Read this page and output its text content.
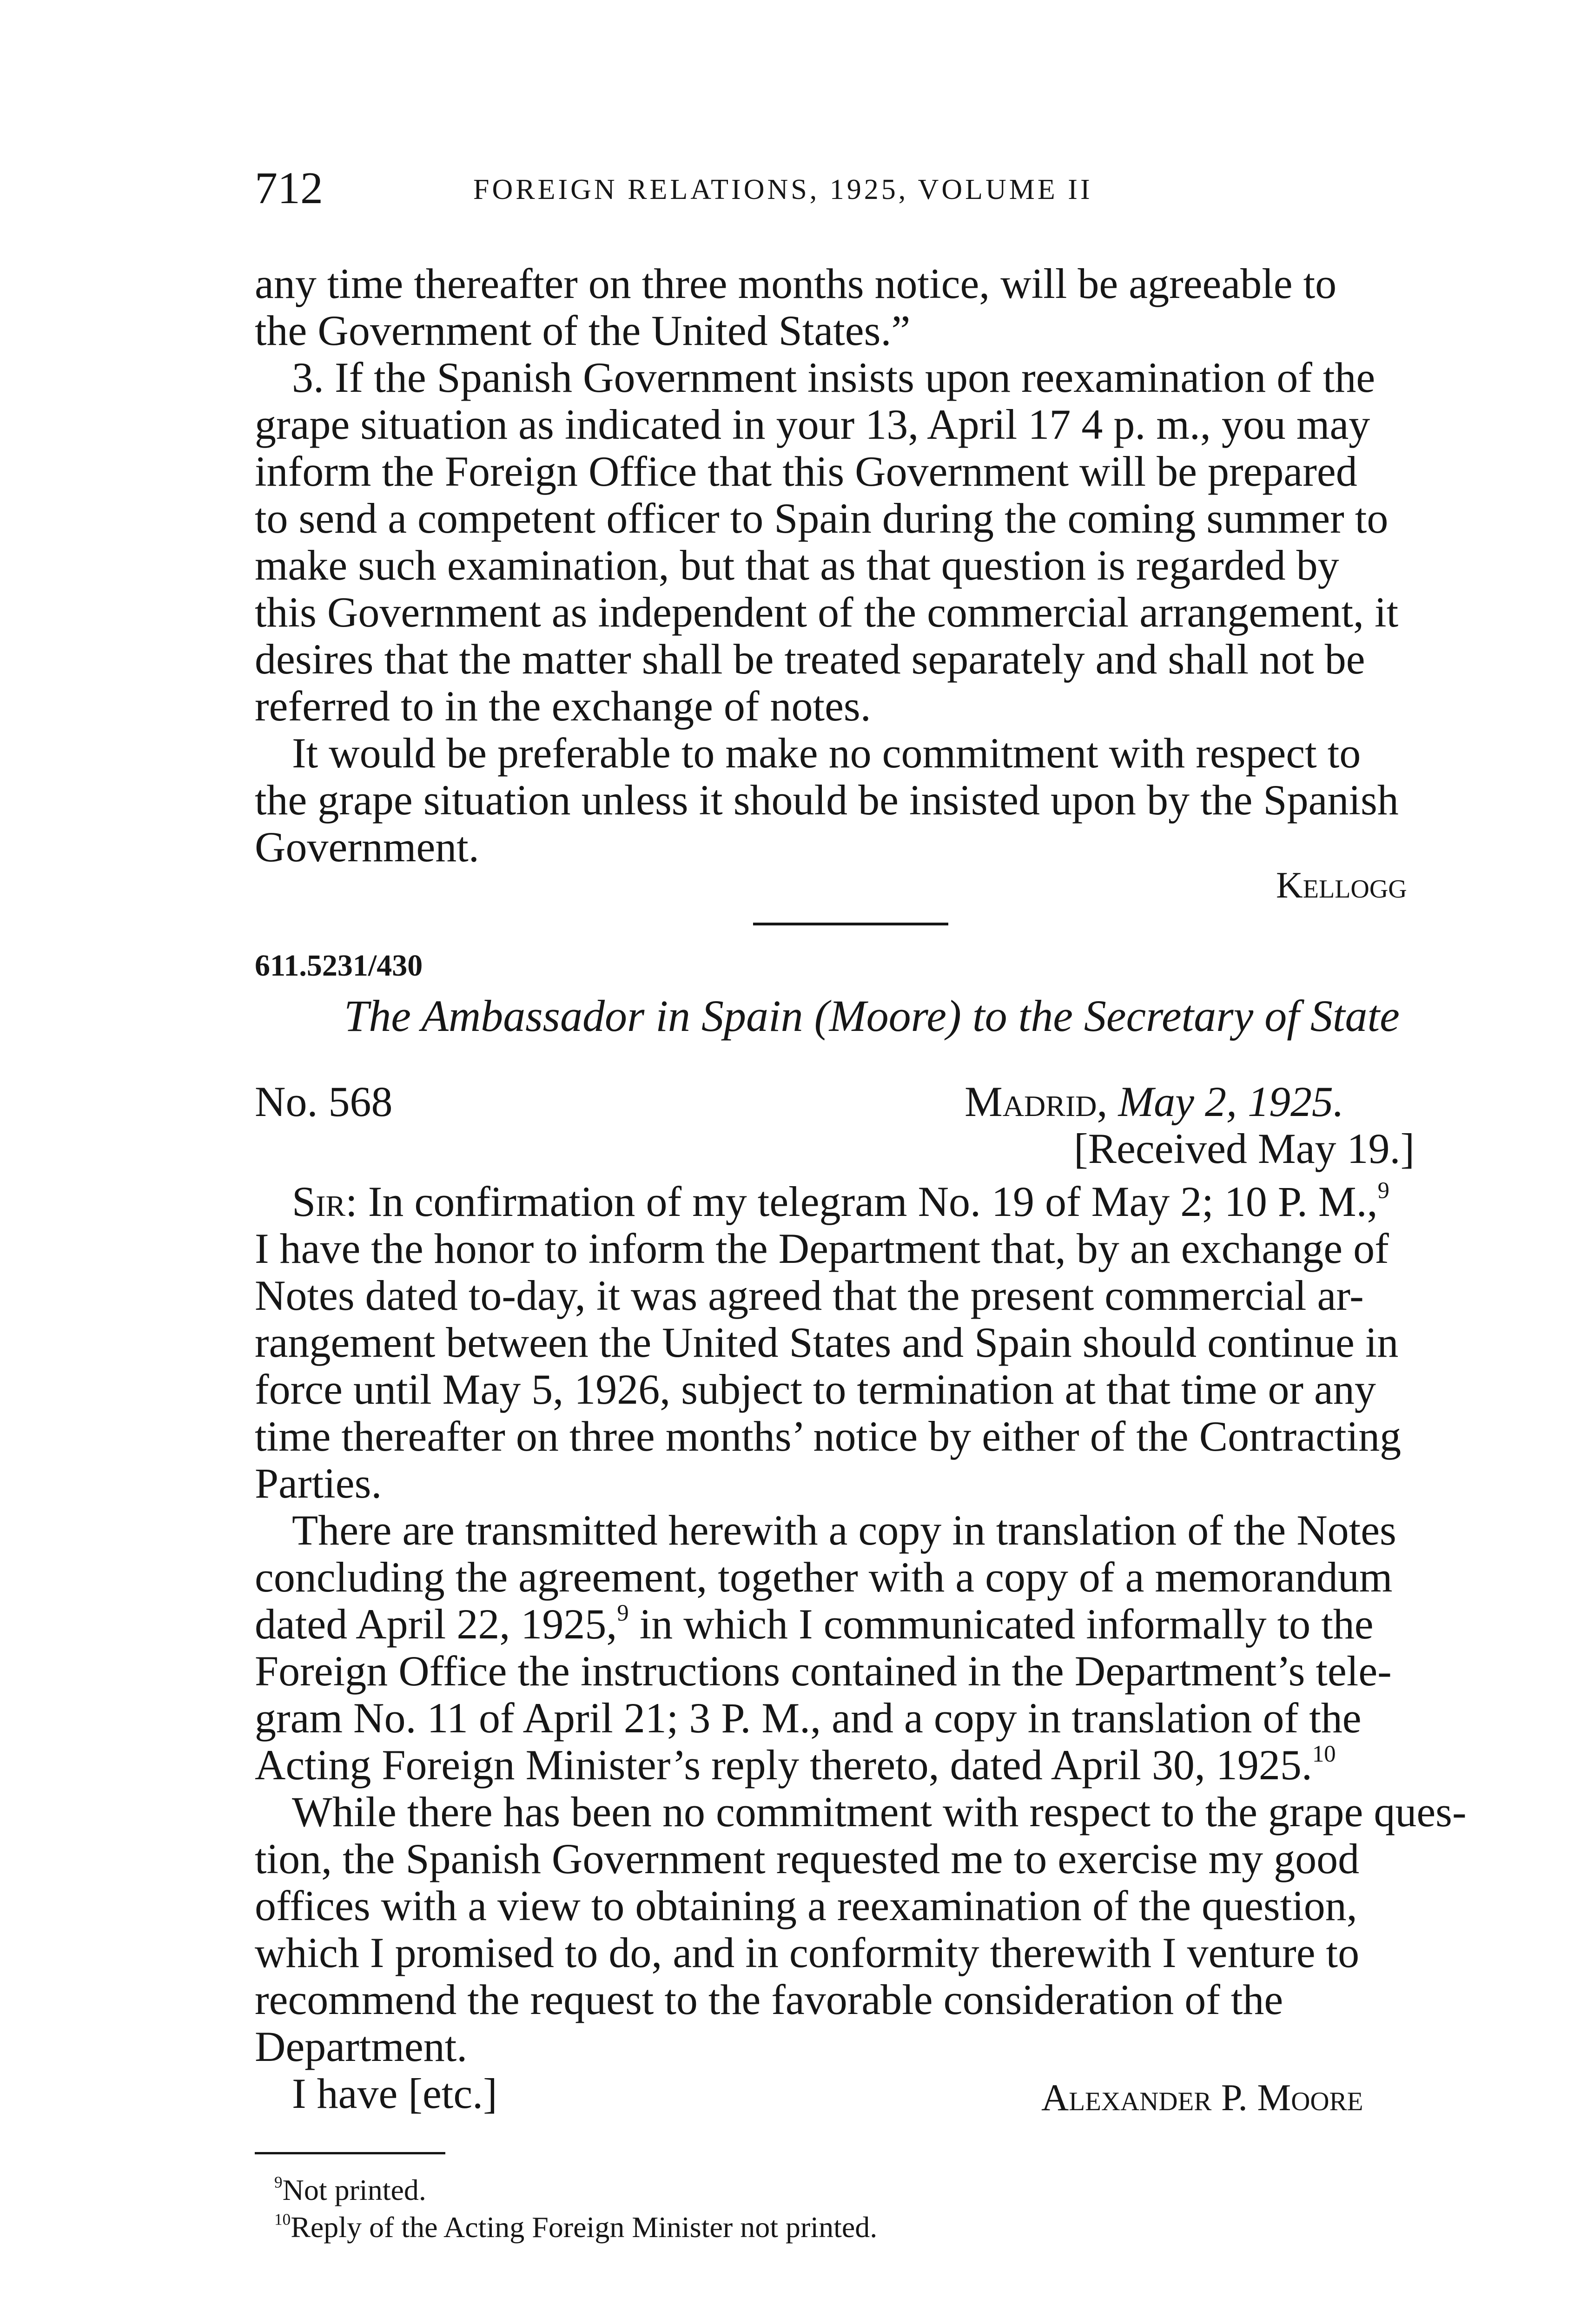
712	FOREIGN RELATIONS, 1925, VOLUME II

any time thereafter on three months notice, will be agreeable to

the Government of the United States.”

3. If the Spanish Government insists upon reexamination of the

grape situation as indicated in your 13, April 17 4 p. m., you may

inform the Foreign Office that this Government will be prepared

to send a competent officer to Spain during the coming summer to

make such examination, but that as that question is regarded by

this Government as independent of the commercial arrangement, it

desires that the matter shall be treated separately and shall not be

referred to in the exchange of notes.

It would be preferable to make no commitment with respect to

the grape situation unless it should be insisted upon by the Spanish

Government.

Kellogg

611.5231/430
The Ambassador in Spain (Moore) to the Secretary of State

No. 568	Madrid, May 2, 1925.

[Received May 19.]

Sir: In confirmation of my telegram No. 19 of May 2; 10 P. M.,$^9$

I have the honor to inform the Department that, by an exchange of

Notes dated to-day, it was agreed that the present commercial ar-

rangement between the United States and Spain should continue in

force until May 5, 1926, subject to termination at that time or any

time thereafter on three months’ notice by either of the Contracting

Parties.

There are transmitted herewith a copy in translation of the Notes

concluding the agreement, together with a copy of a memorandum

dated April 22, 1925,$^9$ in which I communicated informally to the

Foreign Office the instructions contained in the Department’s tele-

gram No. 11 of April 21; 3 P. M., and a copy in translation of the

Acting Foreign Minister’s reply thereto, dated April 30, 1925.10

While there has been no commitment with respect to the grape ques-

tion, the Spanish Government requested me to exercise my good

offices with a view to obtaining a reexamination of the question,

which I promised to do, and in conformity therewith I venture to

recommend the request to the favorable consideration of the

Department.

I have [etc.]	Alexander P. Moore

$^9$Not printed.
$^{10}$Reply of the Acting Foreign Minister not printed.
